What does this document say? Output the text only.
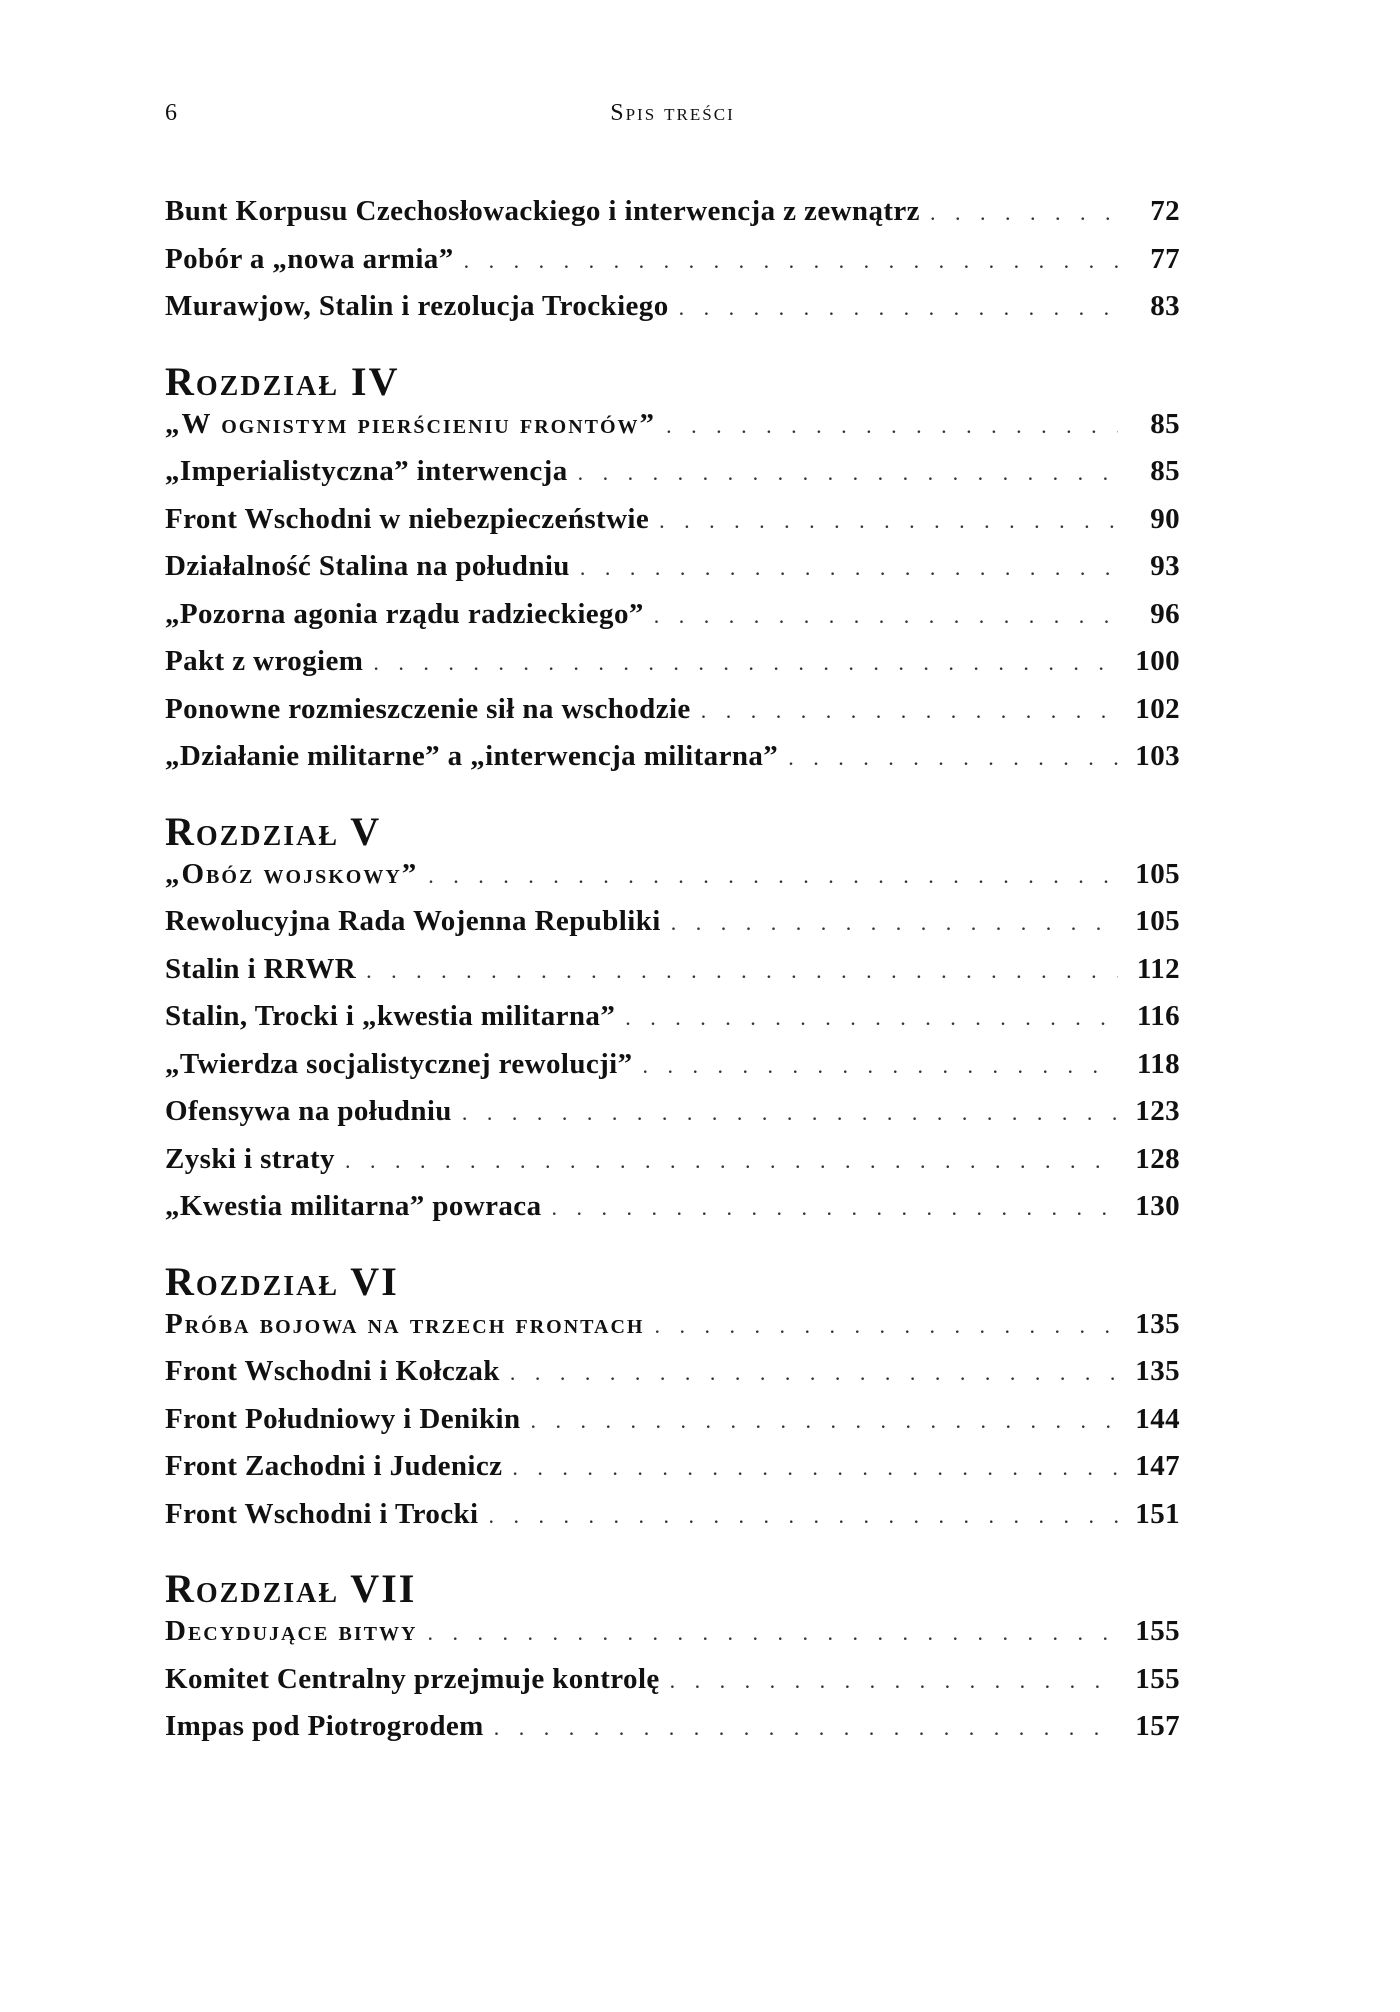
6	Spis treści
Bunt Korpusu Czechosłowackiego i interwencja z zewnątrz . . .	72
Pobór a „nowa armia” . . .	77
Murawjow, Stalin i rezolucja Trockiego . . .	83
Rozdział IV
„W ognistym pierścieniu frontów” . . .	85
„Imperialistyczna” interwencja . . .	85
Front Wschodni w niebezpieczeństwie . . .	90
Działalność Stalina na południu . . .	93
„Pozorna agonia rządu radzieckiego” . . .	96
Pakt z wrogiem . . .	100
Ponowne rozmieszczenie sił na wschodzie . . .	102
„Działanie militarne” a „interwencja militarna” . . .	103
Rozdział V
„Obóz wojskowy” . . .	105
Rewolucyjna Rada Wojenna Republiki . . .	105
Stalin i RRWR . . .	112
Stalin, Trocki i „kwestia militarna” . . .	116
„Twierdza socjalistycznej rewolucji” . . .	118
Ofensywa na południu . . .	123
Zyski i straty . . .	128
„Kwestia militarna” powraca . . .	130
Rozdział VI
Próba bojowa na trzech frontach . . .	135
Front Wschodni i Kołczak . . .	135
Front Południowy i Denikin . . .	144
Front Zachodni i Judenicz . . .	147
Front Wschodni i Trocki . . .	151
Rozdział VII
Decydujące bitwy . . .	155
Komitet Centralny przejmuje kontrolę . . .	155
Impas pod Piotrogrodem . . .	157
